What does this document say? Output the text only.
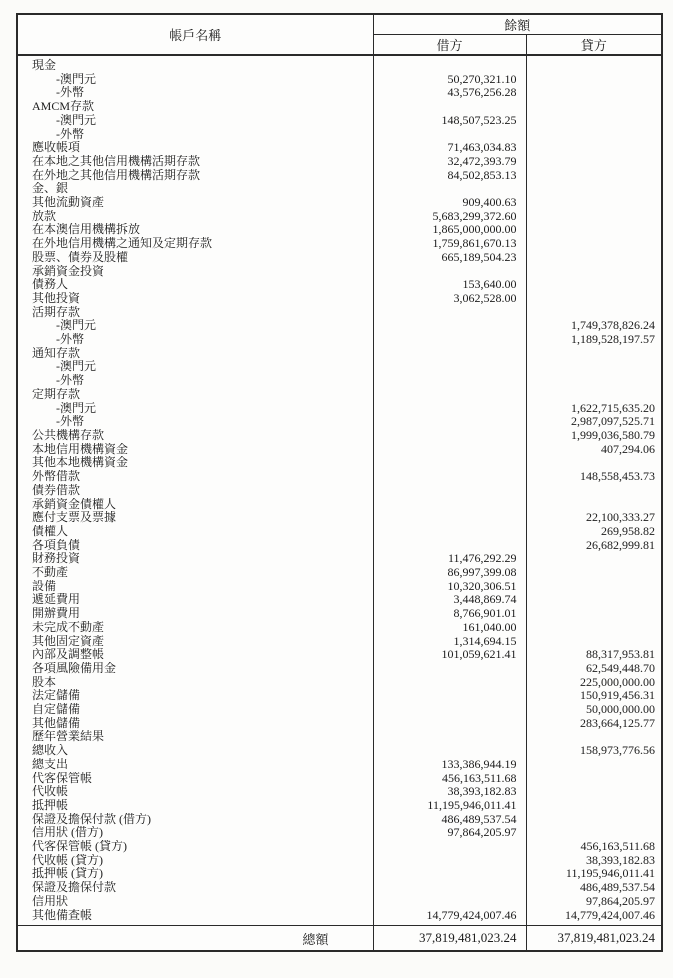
帳戶名稱	餘額	
	借方	貸方
現金		
-澳門元	50,270,321.10	
-外幣	43,576,256.28	
AMCM存款		
-澳門元	148,507,523.25	
-外幣		
應收帳項	71,463,034.83	
在本地之其他信用機構活期存款	32,472,393.79	
在外地之其他信用機構活期存款	84,502,853.13	
金、銀		
其他流動資產	909,400.63	
放款	5,683,299,372.60	
在本澳信用機構拆放	1,865,000,000.00	
在外地信用機構之通知及定期存款	1,759,861,670.13	
股票、債券及股權	665,189,504.23	
承銷資金投資		
債務人	153,640.00	
其他投資	3,062,528.00	
活期存款		
-澳門元		1,749,378,826.24
-外幣		1,189,528,197.57
通知存款		
-澳門元		
-外幣		
定期存款		
-澳門元		1,622,715,635.20
-外幣		2,987,097,525.71
公共機構存款		1,999,036,580.79
本地信用機構資金		407,294.06
其他本地機構資金		
外幣借款		148,558,453.73
債券借款		
承銷資金債權人		
應付支票及票據		22,100,333.27
債權人		269,958.82
各項負債		26,682,999.81
財務投資	11,476,292.29	
不動產	86,997,399.08	
設備	10,320,306.51	
遞延費用	3,448,869.74	
開辦費用	8,766,901.01	
未完成不動產	161,040.00	
其他固定資產	1,314,694.15	
內部及調整帳	101,059,621.41	88,317,953.81
各項風險備用金		62,549,448.70
股本		225,000,000.00
法定儲備		150,919,456.31
自定儲備		50,000,000.00
其他儲備		283,664,125.77
歷年營業結果		
總收入		158,973,776.56
總支出	133,386,944.19	
代客保管帳	456,163,511.68	
代收帳	38,393,182.83	
抵押帳	11,195,946,011.41	
保證及擔保付款 (借方)	486,489,537.54	
信用狀 (借方)	97,864,205.97	
代客保管帳 (貸方)		456,163,511.68
代收帳 (貸方)		38,393,182.83
抵押帳 (貸方)		11,195,946,011.41
保證及擔保付款		486,489,537.54
信用狀		97,864,205.97
其他備查帳	14,779,424,007.46	14,779,424,007.46
總額	37,819,481,023.24	37,819,481,023.24
